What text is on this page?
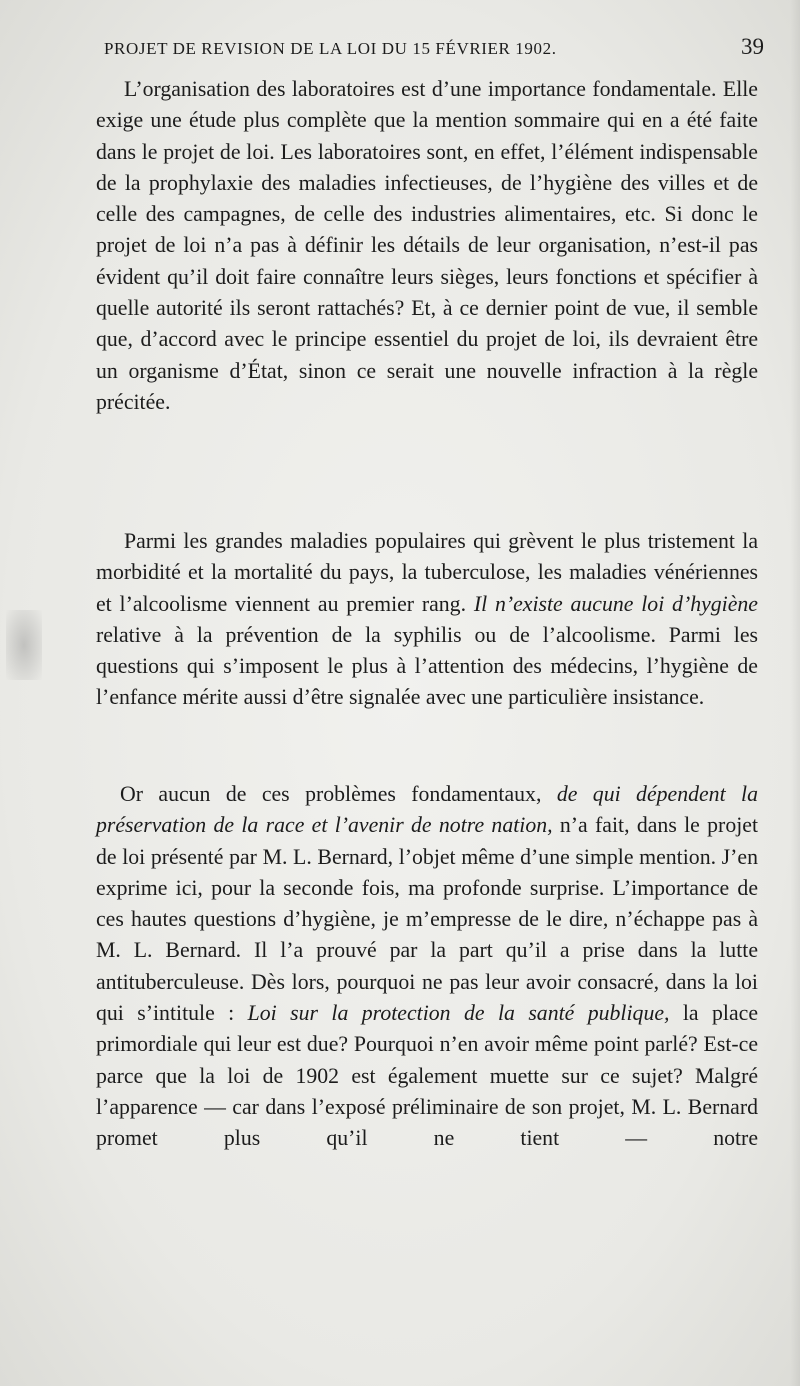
PROJET DE REVISION DE LA LOI DU 15 FÉVRIER 1902.	39

L’organisation des laboratoires est d’une importance fondamentale. Elle exige une étude plus complète que la mention sommaire qui en a été faite dans le projet de loi. Les laboratoires sont, en effet, l’élément indispensable de la prophylaxie des maladies infectieuses, de l’hygiène des villes et de celle des campagnes, de celle des industries alimentaires, etc. Si donc le projet de loi n’a pas à définir les détails de leur organisation, n’est-il pas évident qu’il doit faire connaître leurs sièges, leurs fonctions et spécifier à quelle autorité ils seront rattachés? Et, à ce dernier point de vue, il semble que, d’accord avec le principe essentiel du projet de loi, ils devraient être un organisme d’État, sinon ce serait une nouvelle infraction à la règle précitée.

Parmi les grandes maladies populaires qui grèvent le plus tristement la morbidité et la mortalité du pays, la tuberculose, les maladies vénériennes et l’alcoolisme viennent au premier rang. Il n’existe aucune loi d’hygiène relative à la prévention de la syphilis ou de l’alcoolisme. Parmi les questions qui s’imposent le plus à l’attention des médecins, l’hygiène de l’enfance mérite aussi d’être signalée avec une particulière insistance.

Or aucun de ces problèmes fondamentaux, de qui dépendent la préservation de la race et l’avenir de notre nation, n’a fait, dans le projet de loi présenté par M. L. Bernard, l’objet même d’une simple mention. J’en exprime ici, pour la seconde fois, ma profonde surprise. L’importance de ces hautes questions d’hygiène, je m’empresse de le dire, n’échappe pas à M. L. Bernard. Il l’a prouvé par la part qu’il a prise dans la lutte antituberculeuse. Dès lors, pourquoi ne pas leur avoir consacré, dans la loi qui s’intitule : Loi sur la protection de la santé publique, la place primordiale qui leur est due? Pourquoi n’en avoir même point parlé? Est-ce parce que la loi de 1902 est également muette sur ce sujet? Malgré l’apparence — car dans l’exposé préliminaire de son projet, M. L. Bernard promet plus qu’il ne tient — notre
